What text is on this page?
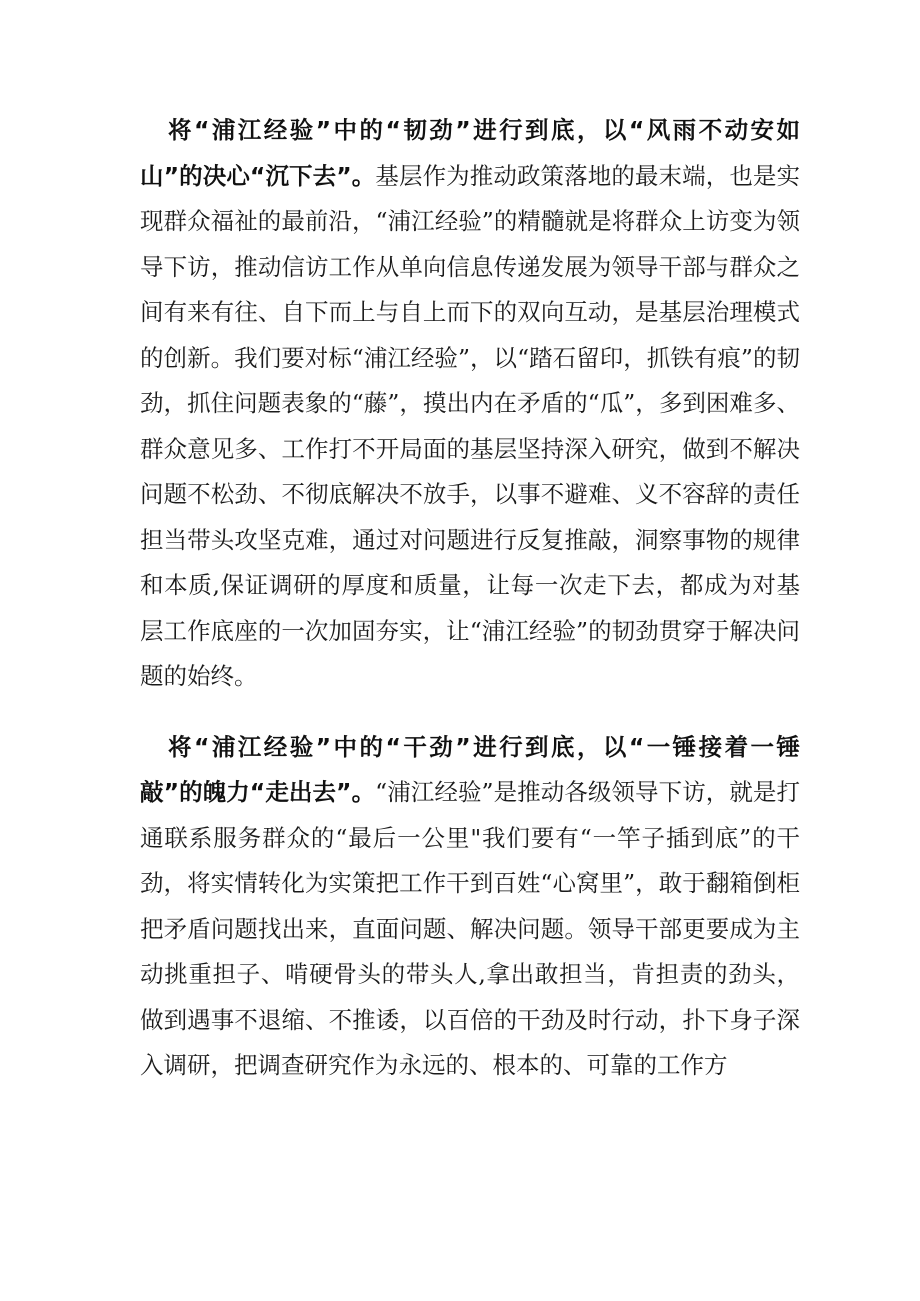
将“浦江经验”中的“韧劲”进行到底，以“风雨不动安如山”的决心“沉下去”。基层作为推动政策落地的最末端，也是实现群众福祉的最前沿，“浦江经验”的精髓就是将群众上访变为领导下访，推动信访工作从单向信息传递发展为领导干部与群众之间有来有往、自下而上与自上而下的双向互动，是基层治理模式的创新。我们要对标“浦江经验”，以“踏石留印，抓铁有痕”的韧劲，抓住问题表象的“藤”，摸出内在矛盾的“瓜”，多到困难多、群众意见多、工作打不开局面的基层坚持深入研究，做到不解决问题不松劲、不彻底解决不放手，以事不避难、义不容辞的责任担当带头攻坚克难，通过对问题进行反复推敲，洞察事物的规律和本质,保证调研的厚度和质量，让每一次走下去，都成为对基层工作底座的一次加固夯实，让“浦江经验”的韧劲贯穿于解决问题的始终。

将“浦江经验”中的“干劲”进行到底，以“一锤接着一锤敲”的魄力“走出去”。“浦江经验”是推动各级领导下访，就是打通联系服务群众的“最后一公里"我们要有“一竿子插到底”的干劲，将实情转化为实策把工作干到百姓“心窝里”，敢于翻箱倒柜把矛盾问题找出来，直面问题、解决问题。领导干部更要成为主动挑重担子、啃硬骨头的带头人,拿出敢担当，肯担责的劲头，做到遇事不退缩、不推诿，以百倍的干劲及时行动，扑下身子深入调研，把调查研究作为永远的、根本的、可靠的工作方
